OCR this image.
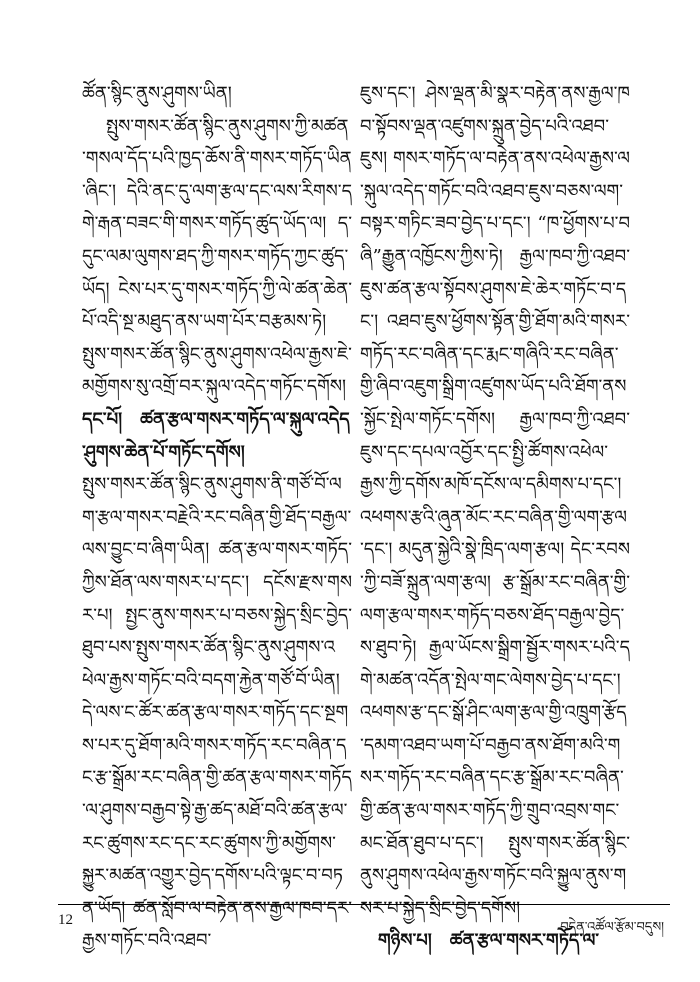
ཚོན་སྙིང་ནུས་ཤུགས་ཡིན།

སྤུས་གསར་ཚོན་སྙིང་ནུས་ཤུགས་ཀྱི་མཚན་གསལ་དོད་པའི་ཁྱད་ཆོས་ནི་གསར་གཏོད་ཡིན་ཞིང་། དེའི་ནང་དུ་ལག་རྩལ་དང་ལས་རིགས་དགེ་རྒན་བཟང་གི་གསར་གཏོད་ཚུད་ཡོད་ལ། ད་དུང་ལམ་ལུགས་ཐད་ཀྱི་གསར་གཏོད་ཀྱང་ཚུད་ཡོད། ངེས་པར་དུ་གསར་གཏོད་ཀྱི་ལེ་ཚན་ཆེན་པོ་འདི་སྔ་མཐུད་ནས་ཡག་པོར་བརྩམས་ཏེ། སྤུས་གསར་ཚོན་སྙིང་ནུས་ཤུགས་འཕེལ་རྒྱས་ཇེ་མགྱོགས་སུ་འགྲོ་བར་སྐུལ་འདེད་གཏོང་དགོས།

དང་པོ། ཚན་རྩལ་གསར་གཏོད་ལ་སྐུལ་འདེད་ཤུགས་ཆེན་པོ་གཏོང་དགོས།

སྤུས་གསར་ཚོན་སྙིང་ནུས་ཤུགས་ནི་གཙོ་བོ་ལག་རྩལ་གསར་བརྗེའི་རང་བཞིན་གྱི་ཐོད་བརྒྱལ་ལས་བྱུང་བ་ཞིག་ཡིན། ཚན་རྩལ་གསར་གཏོད་ཀྱིས་ཐོན་ལས་གསར་པ་དང་། དངོས་རྫས་གསར་པ། སྤྱང་ནུས་གསར་པ་བཅས་སྐྱེད་སྲིང་བྱེད་ཐུབ་པས་སྤུས་གསར་ཚོན་སྙིང་ནུས་ཤུགས་འཕེལ་རྒྱས་གཏོང་བའི་བདག་རྐྱེན་གཙོ་བོ་ཡིན། དེ་ལས་ང་ཚོར་ཚན་རྩལ་གསར་གཏོད་དང་སྔགས་པར་དུ་ཐོག་མའི་གསར་གཏོད་རང་བཞིན་དང་རྩ་སྒྲོམ་རང་བཞིན་གྱི་ཚན་རྩལ་གསར་གཏོད་ལ་ཤུགས་བརྒྱབ་སྟེ་རྒྱ་ཚད་མཐོ་བའི་ཚན་རྩལ་རང་ཚུགས་རང་དང་རང་ཚུགས་ཀྱི་མགྱོགས་སྐྱུར་མཚན་འགྱུར་བྱེད་དགོས་པའི་ལྟང་བ་བཏན་ཡོད། ཚན་སློབ་ལ་བརྟེན་ནས་རྒྱལ་ཁབ་དར་རྒྱས་གཏོང་བའི་འཐབ་

ཇུས་དང་། ཤེས་ལྡན་མི་སྣར་བརྟེན་ནས་རྒྱལ་ཁབ་སྟོབས་ལྡན་འཛུགས་སྐྲུན་བྱེད་པའི་འཐབ་ཇུས། གསར་གཏོད་ལ་བརྟེན་ནས་འཕེལ་རྒྱས་ལ་སྐུལ་འདེད་གཏོང་བའི་འཐབ་ཇུས་བཅས་ལག་བསྟར་གཏིང་ཟབ་བྱེད་པ་དང་། “ཁ་ཕྱོགས་པ་བཞི”རྒྱུན་འཁྱོངས་ཀྱིས་ཏེ། རྒྱལ་ཁབ་ཀྱི་འཐབ་ཇུས་ཚན་རྩལ་སྟོབས་ཤུགས་ཇེ་ཆེར་གཏོང་བ་དང་། འཐབ་ཇུས་ཕྱོགས་སྟོན་གྱི་ཐོག་མའི་གསར་གཏོད་རང་བཞིན་དང་རྨང་གཞིའི་རང་བཞིན་གྱི་ཞིབ་འཇུག་སྒྲིག་འཛུགས་ཡོད་པའི་ཐོག་ནས་སྐྱོང་སྤེལ་གཏོང་དགོས། རྒྱལ་ཁབ་ཀྱི་འཐབ་ཇུས་དང་དཔལ་འབྱོར་དང་སྤྱི་ཚོགས་འཕེལ་རྒྱས་ཀྱི་དགོས་མཁོ་དངོས་ལ་དམིགས་པ་དང་། འཕགས་རྩའི་ཞུན་མོང་རང་བཞིན་གྱི་ལག་རྩལ་དང་། མདུན་སྐྱེའི་སྣེ་ཁྲིད་ལག་རྩལ། དེང་རབས་ཀྱི་བཟོ་སྐྲུན་ལག་རྩལ། རྩ་སྒྲོམ་རང་བཞིན་གྱི་ལག་རྩལ་གསར་གཏོད་བཅས་ཐོད་བརྒྱལ་བྱེད་ས་ཐུབ་ཏེ། རྒྱལ་ཡོངས་སྒྲིག་སྦྱོར་གསར་པའི་དགེ་མཚན་འདོན་སྤེལ་གང་ལེགས་བྱེད་པ་དང་། འཕགས་རྩ་དང་སྒོ་ཤིང་ལག་རྩལ་གྱི་འཁྲུག་རྩོད་དམག་འཐབ་ཡག་པོ་བརྒྱབ་ནས་ཐོག་མའི་གསར་གཏོད་རང་བཞིན་དང་རྩ་སྒྲོམ་རང་བཞིན་གྱི་ཚན་རྩལ་གསར་གཏོད་ཀྱི་གྲུབ་འབྲས་གང་མང་ཐོན་ཐུབ་པ་དང་། སྤུས་གསར་ཚོན་སྙིང་ནུས་ཤུགས་འཕེལ་རྒྱས་གཏོང་བའི་སྐྱུལ་ནུས་གསར་པ་སྐྱེད་སྲིང་བྱེད་དགོས།

གཉིས་པ། ཚན་རྩལ་གསར་གཏོད་ལ་

12	བདེན་འཚོལ་རྩོམ་བདུས།
